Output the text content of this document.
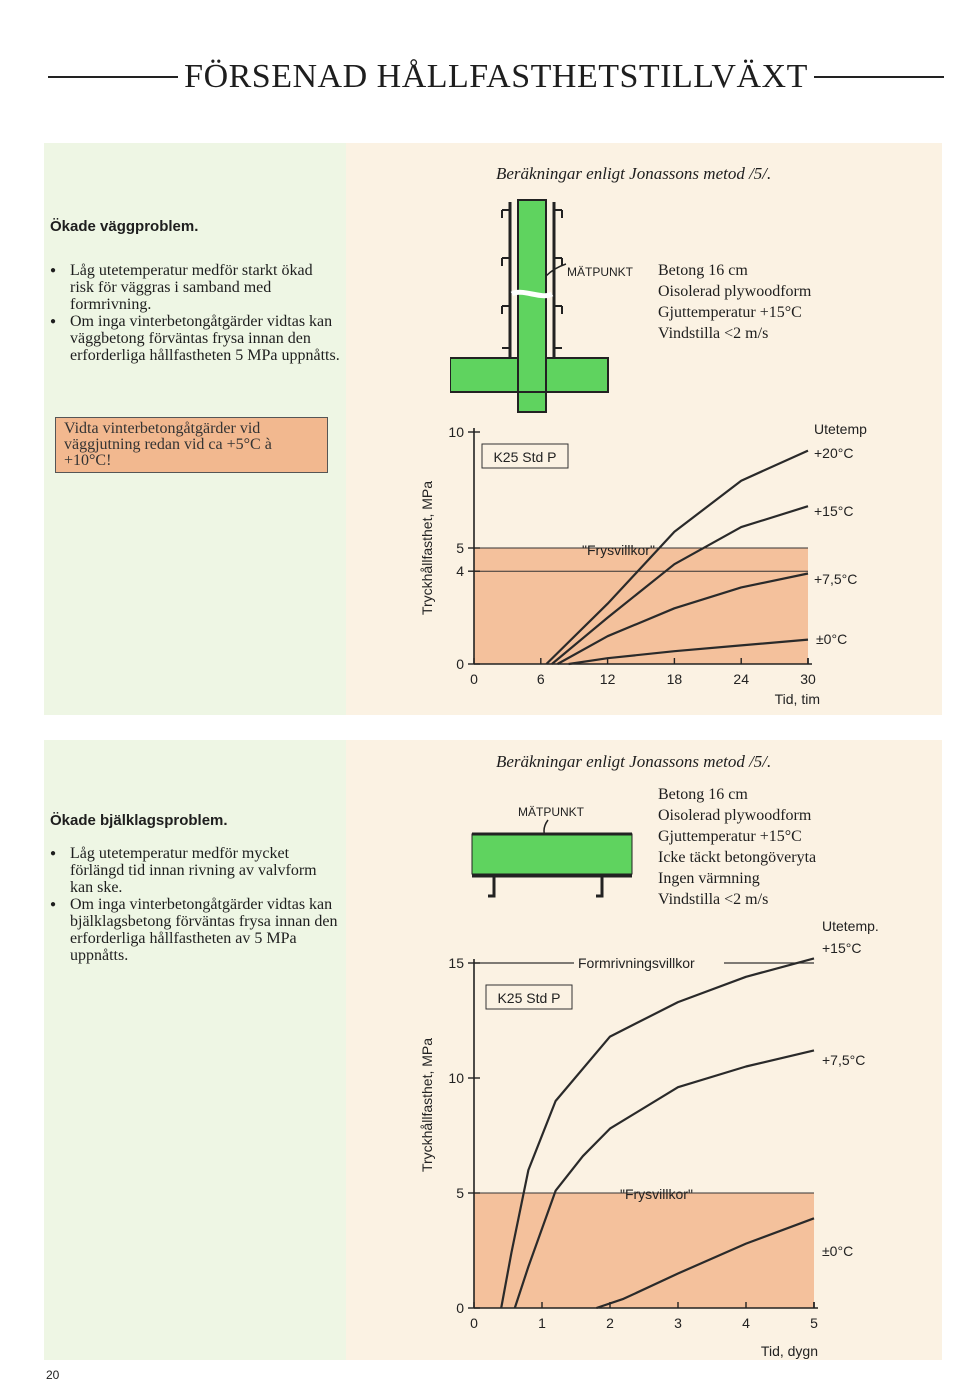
FÖRSENAD HÅLLFASTHETSTILLVÄXT
Beräkningar enligt Jonassons metod /5/.
Ökade väggproblem.
● Låg utetemperatur medför starkt ökad risk för väggras i samband med formrivning.
● Om inga vinterbetongåtgärder vidtas kan väggbetong förväntas frysa innan den erforderliga hållfastheten 5 MPa uppnåtts.
Vidta vinterbetongåtgärder vid väggjutning redan vid ca +5°C à +10°C!
MÄTPUNKT Betong 16 cm
Oisolerad plywoodform
Gjuttemperatur +15°C
Vindstilla <2 m/s
"Frysvillkor"
0	6	12	18	24	30
0
4
5
10
Tid, tim
Tryckhållfasthet, MPa
K25 Std P
Utetemp
+20°C
+15°C
+7,5°C
±0°C
Beräkningar enligt Jonassons metod /5/.
Ökade bjälklagsproblem.
● Låg utetemperatur medför mycket förlängd tid innan rivning av valvform kan ske.
● Om inga vinterbetongåtgärder vidtas kan bjälklagsbetong förväntas frysa innan den erforderliga hållfastheten av 5 MPa uppnåtts.
MÄTPUNKT
Betong 16 cm
Oisolerad plywoodform
Gjuttemperatur +15°C
Icke täckt betongöveryta
Ingen värmning
Vindstilla <2 m/s
"Frysvillkor"
Formrivningsvillkor
0	1	2	3	4	5
0
5
10
15
Tid, dygn
Tryckhållfasthet, MPa
K25 Std P
Utetemp.
+15°C
+7,5°C
±0°C
20
